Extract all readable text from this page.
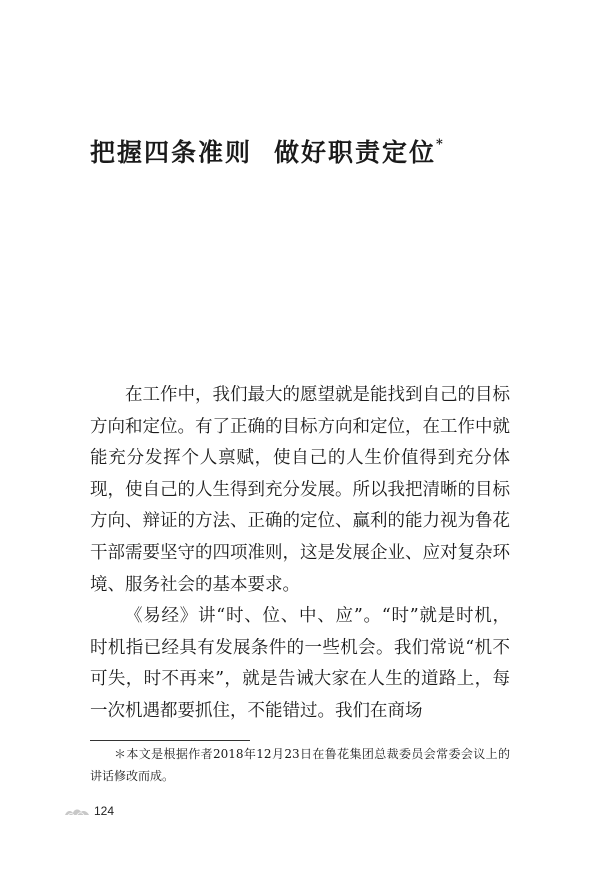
把握四条准则 做好职责定位*

在工作中，我们最大的愿望就是能找到自己的目标方向和定位。有了正确的目标方向和定位，在工作中就能充分发挥个人禀赋，使自己的人生价值得到充分体现，使自己的人生得到充分发展。所以我把清晰的目标方向、辩证的方法、正确的定位、赢利的能力视为鲁花干部需要坚守的四项准则，这是发展企业、应对复杂环境、服务社会的基本要求。

《易经》讲“时、位、中、应”。“时”就是时机，时机指已经具有发展条件的一些机会。我们常说“机不可失，时不再来”，就是告诫大家在人生的道路上，每一次机遇都要抓住，不能错过。我们在商场

＊本文是根据作者2018年12月23日在鲁花集团总裁委员会常委会议上的讲话修改而成。
124
